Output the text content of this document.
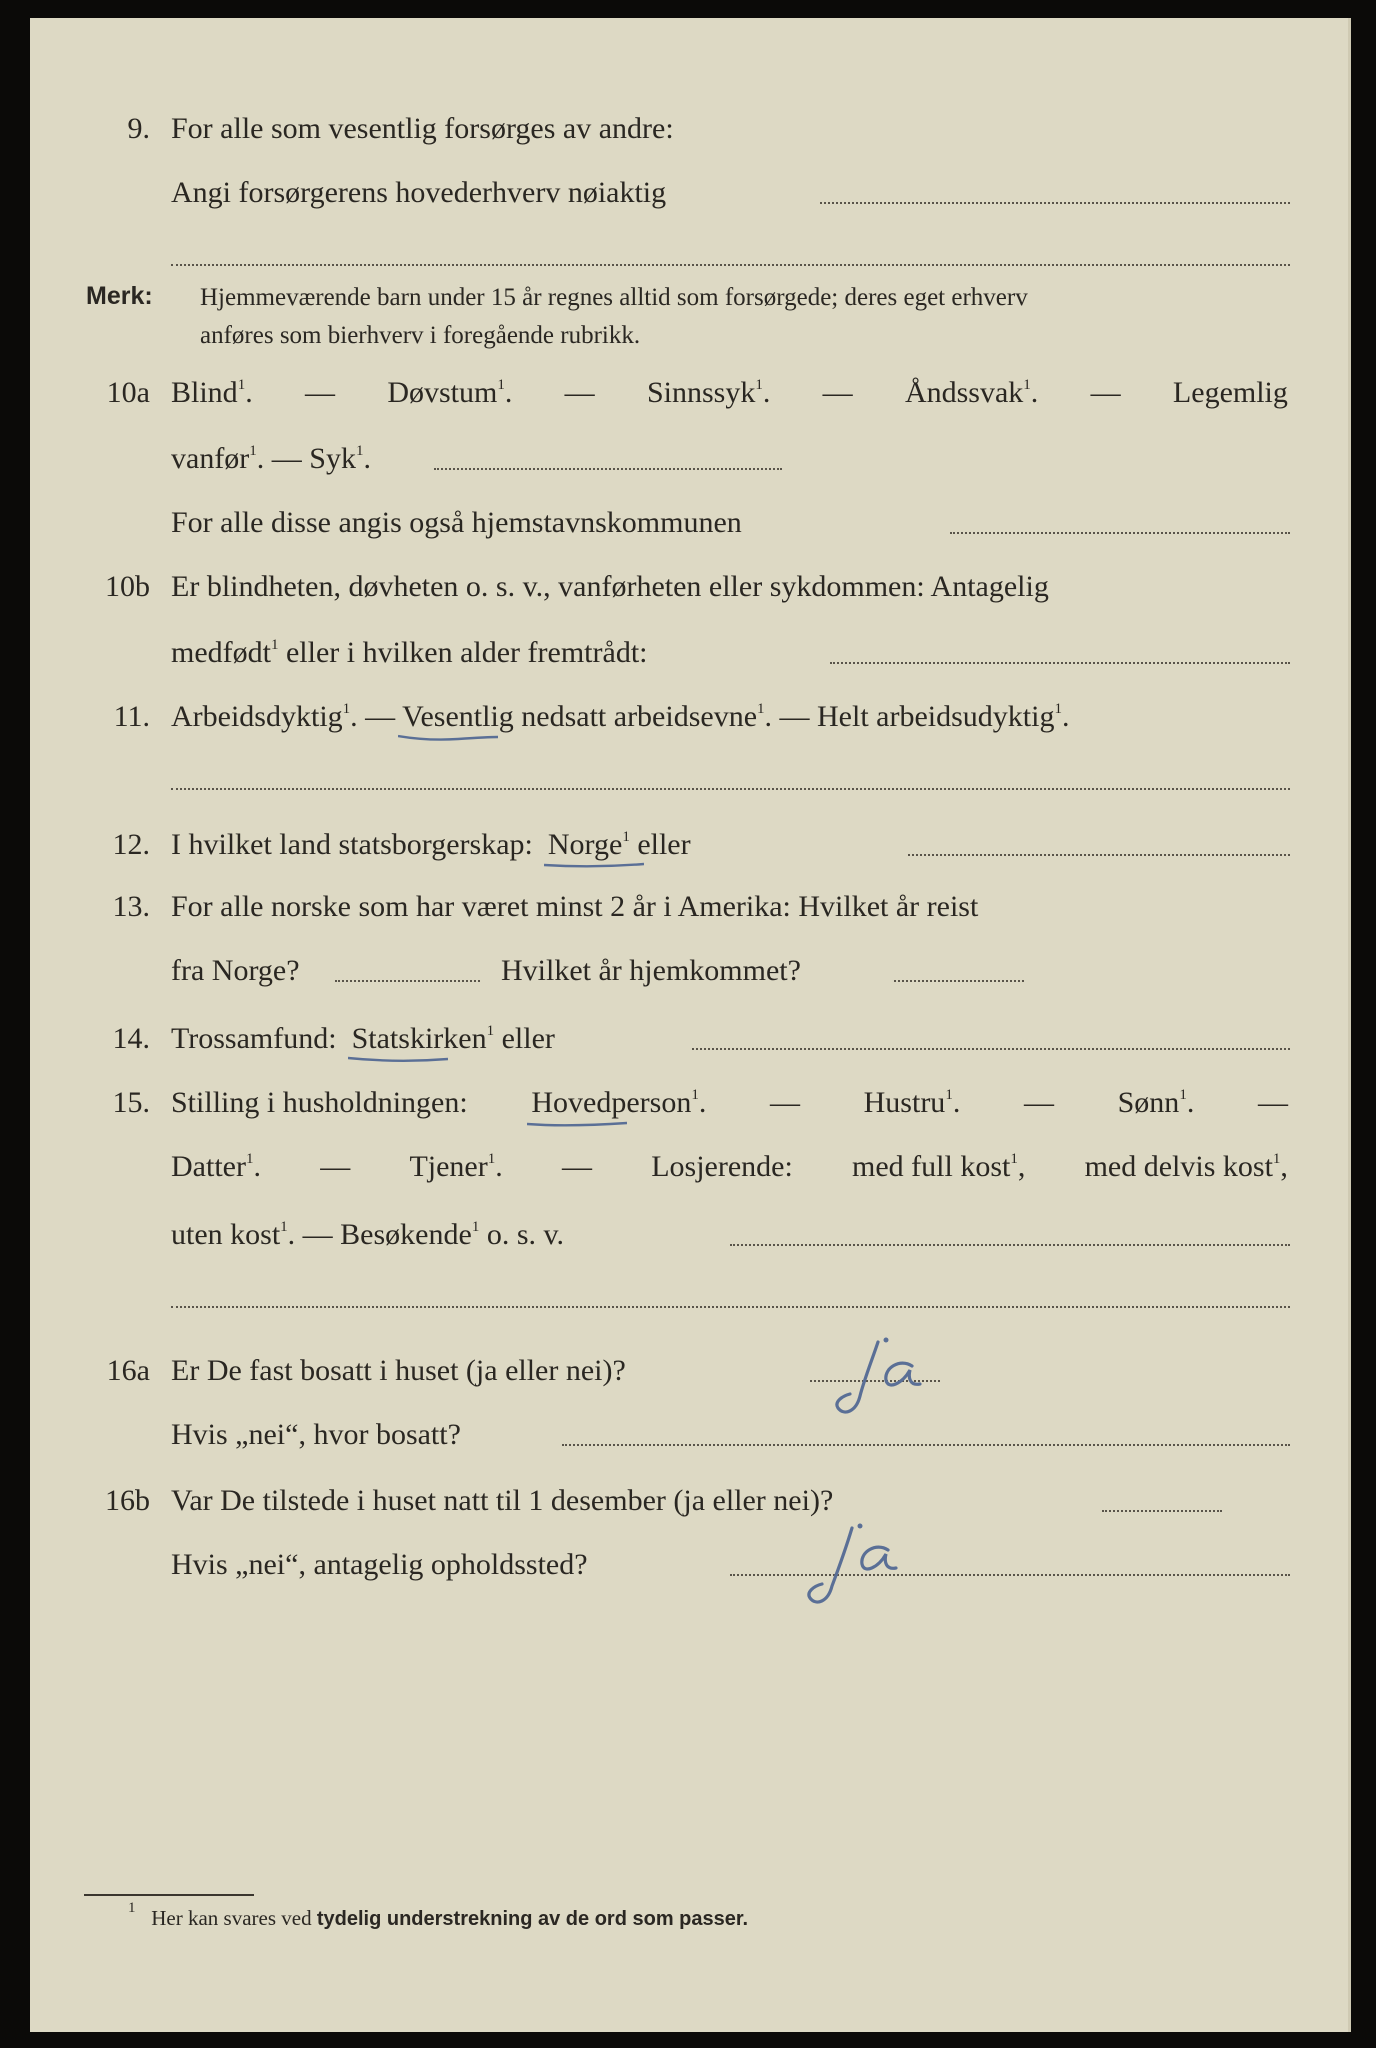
9. For alle som vesentlig forsørges av andre:
Angi forsørgerens hovederhverv nøiaktig
Merk: Hjemmeværende barn under 15 år regnes alltid som forsørgede; deres eget erhverv
anføres som bierhverv i foregående rubrikk.
10a Blind$^1$. — Døvstum$^1$. — Sinnssyk$^1$. — Åndssvak$^1$. — Legemlig
vanfør$^1$. — Syk$^1$.
For alle disse angis også hjemstavnskommunen
10b Er blindheten, døvheten o. s. v., vanførheten eller sykdommen: Antagelig
medfødt$^1$ eller i hvilken alder fremtrådt:
11. Arbeidsdyktig$^1$. — Vesentlig nedsatt arbeidsevne$^1$.
— Helt arbeidsudyktig$^1$.
12. I hvilket land statsborgerskap: Norge$^1$ eller
13. For alle norske som har været minst 2 år i Amerika: Hvilket år reist
fra Norge?	Hvilket år hjemkommet?
14. Trossamfund: Statskirken$^1$ eller
15. Stilling i husholdningen: Hovedperson$^1$. — Hustru$^1$. — Sønn$^1$. —
Datter$^1$. — Tjener$^1$. — Losjerende: med full kost$^1$, med delvis kost$^1$,
uten kost$^1$. — Besøkende$^1$ o. s. v.
16a Er De fast bosatt i huset (ja eller nei)?
Hvis „nei“, hvor bosatt?
16b Var De tilstede i huset natt til 1 desember (ja eller nei)?
Hvis „nei“, antagelig opholdssted?
$^1$ Her kan svares ved tydelig understrekning av de ord som passer.
